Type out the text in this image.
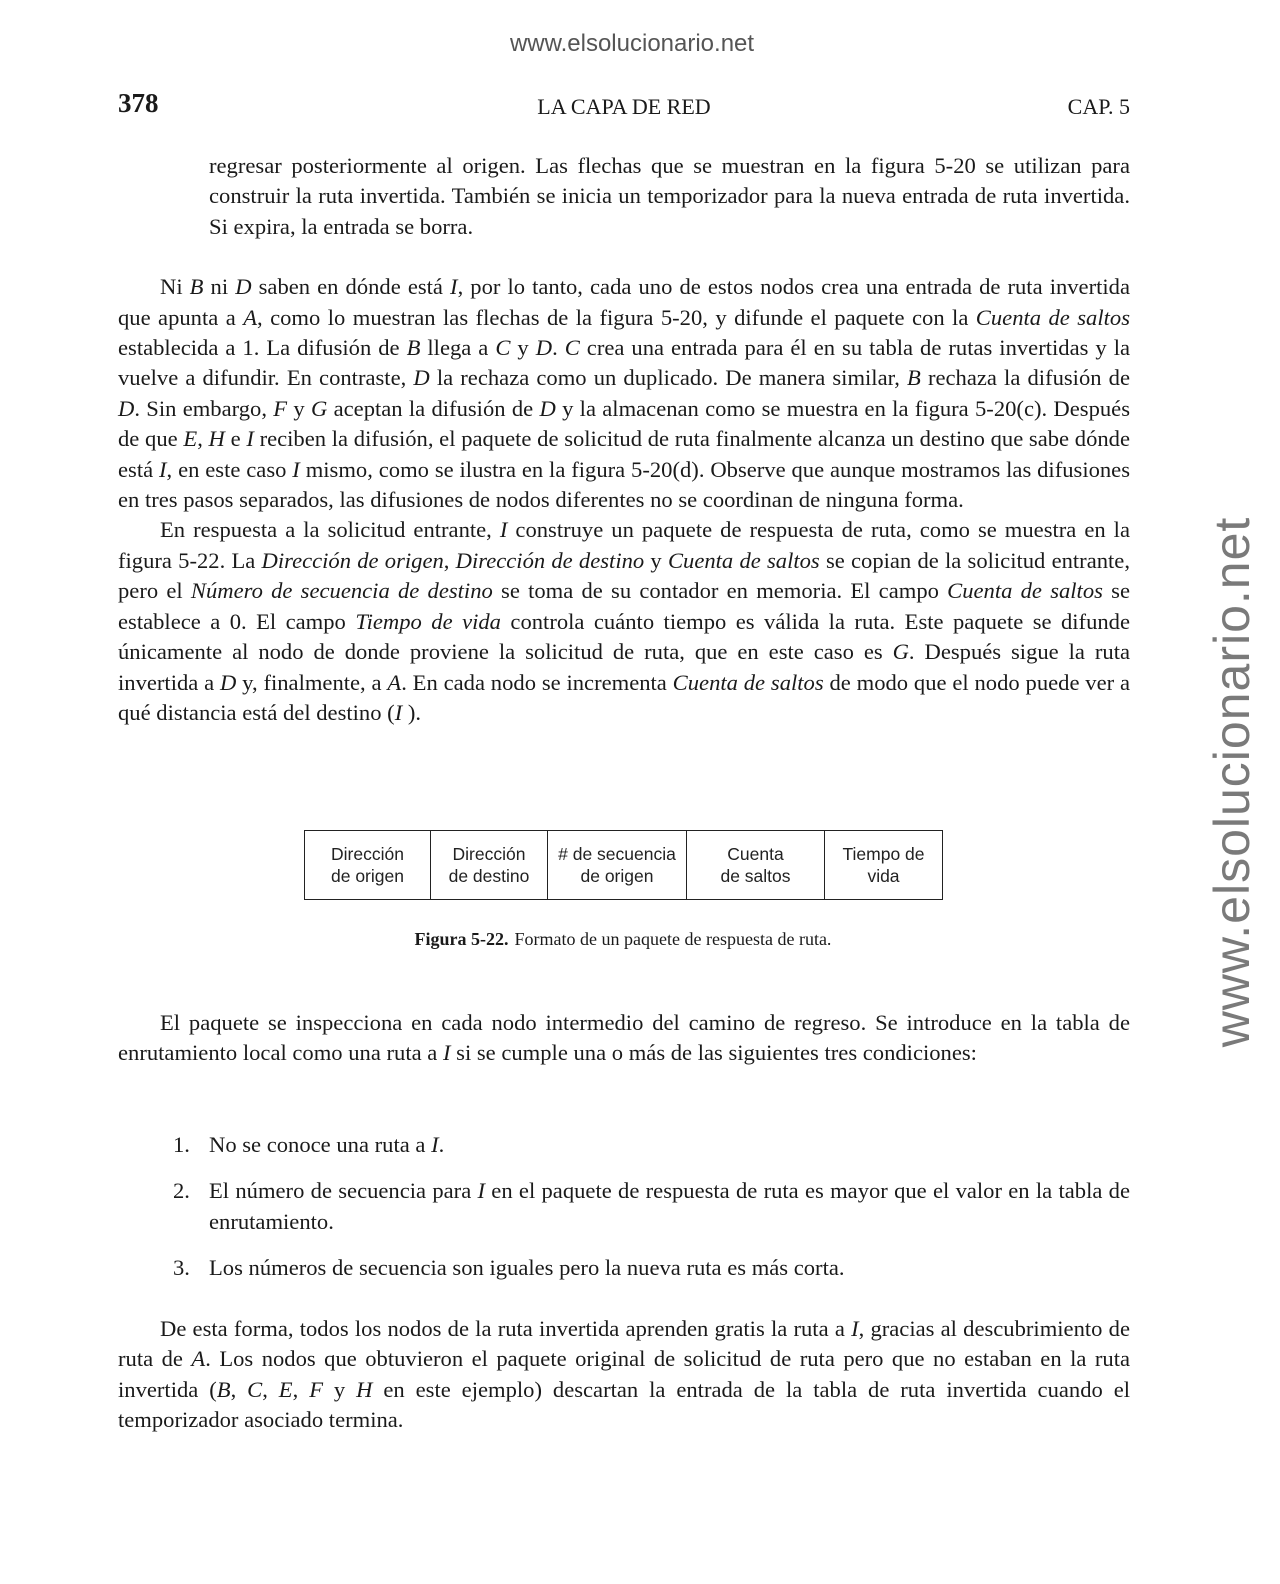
www.elsolucionario.net
www.elsolucionario.net
378	LA CAPA DE RED	CAP. 5

regresar posteriormente al origen. Las flechas que se muestran en la figura 5-20 se utilizan para construir la ruta invertida. También se inicia un temporizador para la nueva entrada de ruta invertida. Si expira, la entrada se borra.

Ni B ni D saben en dónde está I, por lo tanto, cada uno de estos nodos crea una entrada de ruta invertida que apunta a A, como lo muestran las flechas de la figura 5-20, y difunde el paquete con la Cuenta de saltos establecida a 1. La difusión de B llega a C y D. C crea una entrada para él en su tabla de rutas invertidas y la vuelve a difundir. En contraste, D la rechaza como un duplicado. De manera similar, B rechaza la difusión de D. Sin embargo, F y G aceptan la difusión de D y la almacenan como se muestra en la figura 5-20(c). Después de que E, H e I reciben la difusión, el paquete de solicitud de ruta finalmente alcanza un destino que sabe dónde está I, en este caso I mismo, como se ilustra en la figura 5-20(d). Observe que aunque mostramos las difusiones en tres pasos separados, las difusiones de nodos diferentes no se coordinan de ninguna forma.

En respuesta a la solicitud entrante, I construye un paquete de respuesta de ruta, como se muestra en la figura 5-22. La Dirección de origen, Dirección de destino y Cuenta de saltos se copian de la solicitud entrante, pero el Número de secuencia de destino se toma de su contador en memoria. El campo Cuenta de saltos se establece a 0. El campo Tiempo de vida controla cuánto tiempo es válida la ruta. Este paquete se difunde únicamente al nodo de donde proviene la solicitud de ruta, que en este caso es G. Después sigue la ruta invertida a D y, finalmente, a A. En cada nodo se incrementa Cuenta de saltos de modo que el nodo puede ver a qué distancia está del destino (I ).

Dirección
de origen	Dirección
de destino	# de secuencia
de origen	Cuenta
de saltos	Tiempo de
vida
Figura 5-22. Formato de un paquete de respuesta de ruta.

El paquete se inspecciona en cada nodo intermedio del camino de regreso. Se introduce en la tabla de enrutamiento local como una ruta a I si se cumple una o más de las siguientes tres condiciones:

1. No se conoce una ruta a I.
2. El número de secuencia para I en el paquete de respuesta de ruta es mayor que el valor en la tabla de enrutamiento.
3. Los números de secuencia son iguales pero la nueva ruta es más corta.

De esta forma, todos los nodos de la ruta invertida aprenden gratis la ruta a I, gracias al descubrimiento de ruta de A. Los nodos que obtuvieron el paquete original de solicitud de ruta pero que no estaban en la ruta invertida (B, C, E, F y H en este ejemplo) descartan la entrada de la tabla de ruta invertida cuando el temporizador asociado termina.
